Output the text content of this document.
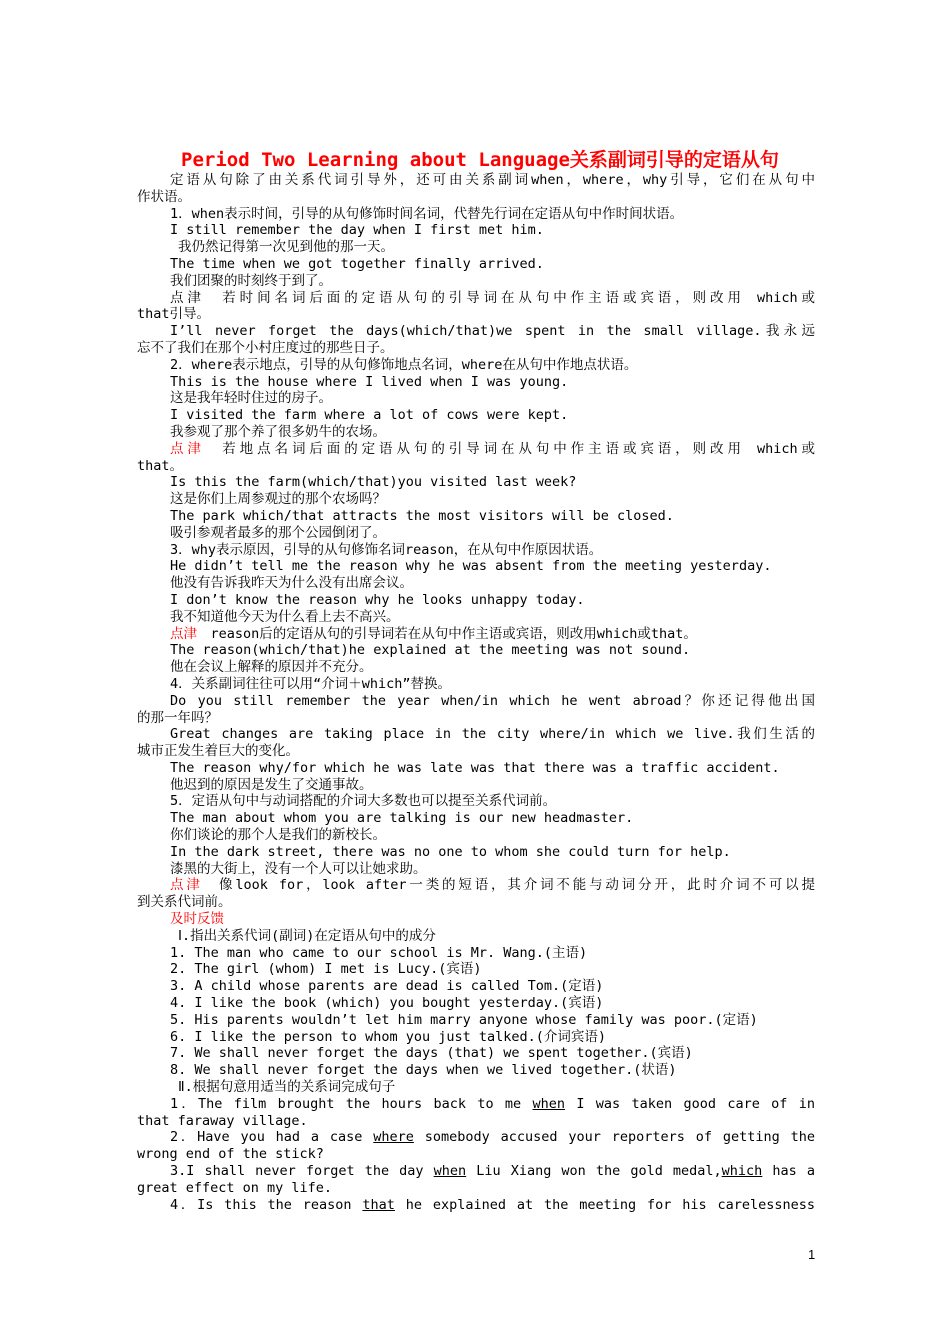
Period Two Learning about Language关系副词引导的定语从句

定语从句除了由关系代词引导外，还可由关系副词when，where，why引导，它们在从句中

作状语。

1．when表示时间，引导的从句修饰时间名词，代替先行词在定语从句中作时间状语。

I still remember the day when I first met him.

我仍然记得第一次见到他的那一天。

The time when we got together finally arrived.

我们团聚的时刻终于到了。

点津　若时间名词后面的定语从句的引导词在从句中作主语或宾语，则改用 which或

that引导。

I’ll never forget the days(which/that)we spent in the small village.我永远

忘不了我们在那个小村庄度过的那些日子。

2．where表示地点，引导的从句修饰地点名词，where在从句中作地点状语。

This is the house where I lived when I was young.

这是我年轻时住过的房子。

I visited the farm where a lot of cows were kept.

我参观了那个养了很多奶牛的农场。

点津　若地点名词后面的定语从句的引导词在从句中作主语或宾语，则改用 which或

that。

Is this the farm(which/that)you visited last week?

这是你们上周参观过的那个农场吗？

The park which/that attracts the most visitors will be closed.

吸引参观者最多的那个公园倒闭了。

3．why表示原因，引导的从句修饰名词reason，在从句中作原因状语。

He didn’t tell me the reason why he was absent from the meeting yesterday.

他没有告诉我昨天为什么没有出席会议。

I don’t know the reason why he looks unhappy today.

我不知道他今天为什么看上去不高兴。

点津　reason后的定语从句的引导词若在从句中作主语或宾语，则改用which或that。

The reason(which/that)he explained at the meeting was not sound.

他在会议上解释的原因并不充分。

4．关系副词往往可以用“介词＋which”替换。

Do you still remember the year when/in which he went abroad？你还记得他出国

的那一年吗？

Great changes are taking place in the city where/in which we live.我们生活的

城市正发生着巨大的变化。

The reason why/for which he was late was that there was a traffic accident.

他迟到的原因是发生了交通事故。

5．定语从句中与动词搭配的介词大多数也可以提至关系代词前。

The man about whom you are talking is our new headmaster.

你们谈论的那个人是我们的新校长。

In the dark street, there was no one to whom she could turn for help.

漆黑的大街上，没有一个人可以让她求助。

点津　像look for，look after一类的短语，其介词不能与动词分开，此时介词不可以提

到关系代词前。

及时反馈

Ⅰ.指出关系代词(副词)在定语从句中的成分

1. The man who came to our school is Mr. Wang.(主语)

2. The girl (whom) I met is Lucy.(宾语)

3. A child whose parents are dead is called Tom.(定语)

4. I like the book (which) you bought yesterday.(宾语)

5. His parents wouldn’t let him marry anyone whose family was poor.(定语)

6. I like the person to whom you just talked.(介词宾语)

7. We shall never forget the days (that) we spent together.(宾语)

8. We shall never forget the days when we lived together.(状语)

Ⅱ.根据句意用适当的关系词完成句子

1．The film brought the hours back to me when I was taken good care of in

that faraway village.

2．Have you had a case where somebody accused your reporters of getting the

wrong end of the stick?

3.I shall never forget the day when Liu Xiang won the gold medal,which has a

great effect on my life.

4．Is this the reason that he explained at the meeting for his carelessness

1
